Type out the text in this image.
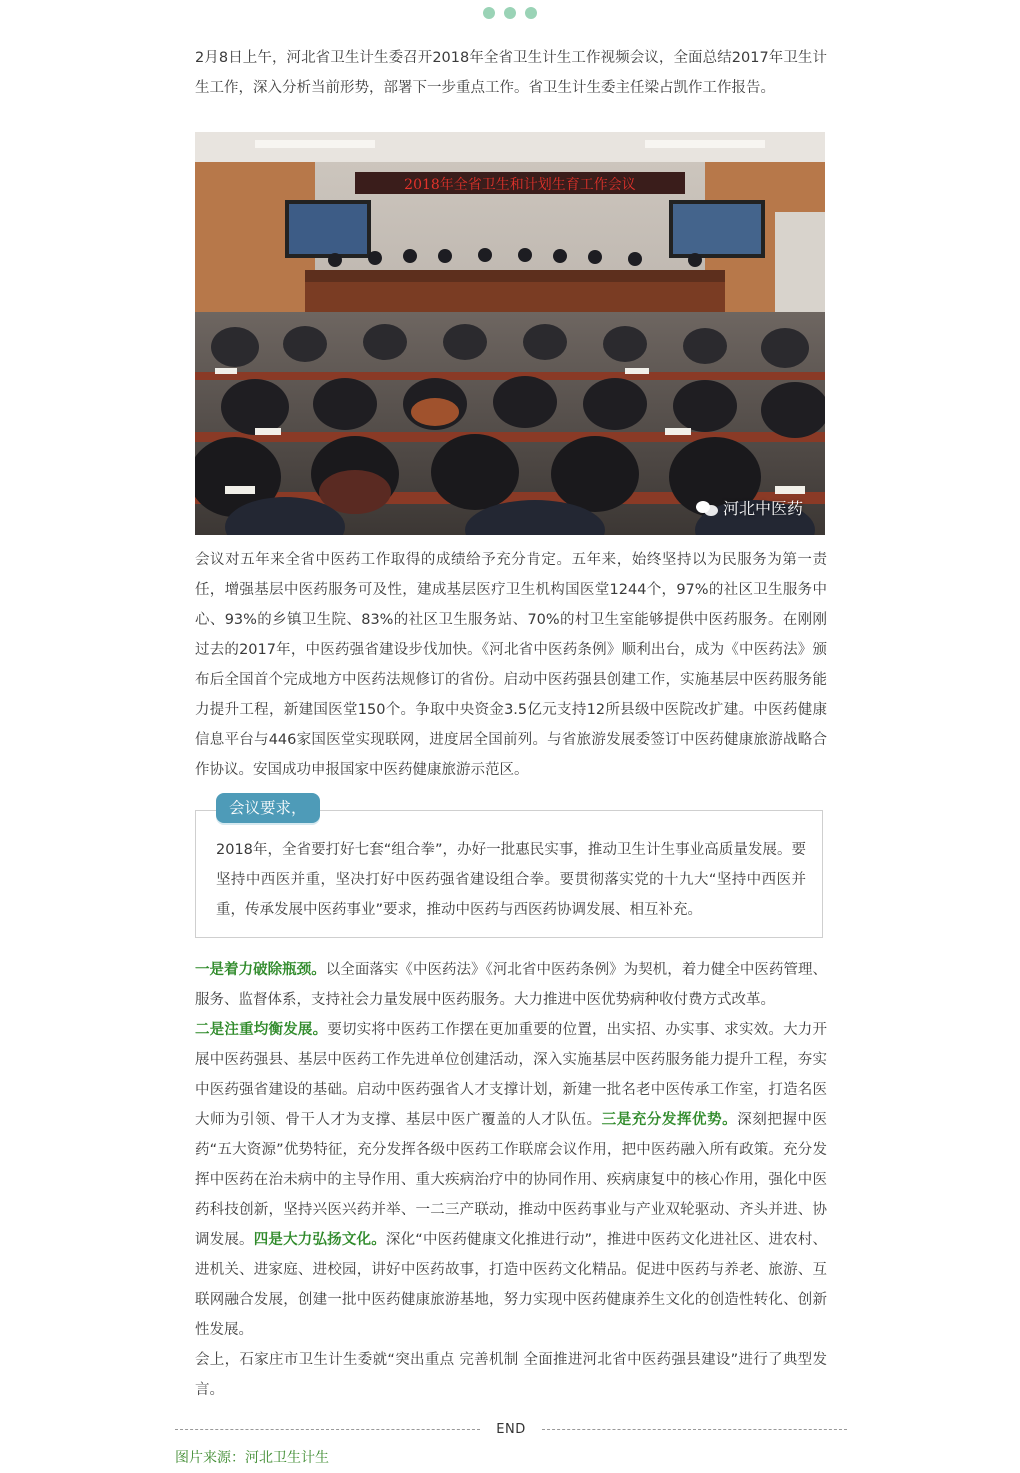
2月8日上午，河北省卫生计生委召开2018年全省卫生计生工作视频会议，全面总结2017年卫生计生工作，深入分析当前形势，部署下一步重点工作。省卫生计生委主任梁占凯作工作报告。

2018年全省卫生和计划生育工作会议
河北中医药

会议对五年来全省中医药工作取得的成绩给予充分肯定。五年来，始终坚持以为民服务为第一责任，增强基层中医药服务可及性，建成基层医疗卫生机构国医堂1244个，97%的社区卫生服务中心、93%的乡镇卫生院、83%的社区卫生服务站、70%的村卫生室能够提供中医药服务。在刚刚过去的2017年，中医药强省建设步伐加快。《河北省中医药条例》顺利出台，成为《中医药法》颁布后全国首个完成地方中医药法规修订的省份。启动中医药强县创建工作，实施基层中医药服务能力提升工程，新建国医堂150个。争取中央资金3.5亿元支持12所县级中医院改扩建。中医药健康信息平台与446家国医堂实现联网，进度居全国前列。与省旅游发展委签订中医药健康旅游战略合作协议。安国成功申报国家中医药健康旅游示范区。

会议要求，

2018年，全省要打好七套“组合拳”，办好一批惠民实事，推动卫生计生事业高质量发展。要坚持中西医并重，坚决打好中医药强省建设组合拳。要贯彻落实党的十九大“坚持中西医并重，传承发展中医药事业”要求，推动中医药与西医药协调发展、相互补充。

一是着力破除瓶颈。以全面落实《中医药法》《河北省中医药条例》为契机，着力健全中医药管理、服务、监督体系，支持社会力量发展中医药服务。大力推进中医优势病种收付费方式改革。
二是注重均衡发展。要切实将中医药工作摆在更加重要的位置，出实招、办实事、求实效。大力开展中医药强县、基层中医药工作先进单位创建活动，深入实施基层中医药服务能力提升工程，夯实中医药强省建设的基础。启动中医药强省人才支撑计划，新建一批名老中医传承工作室，打造名医大师为引领、骨干人才为支撑、基层中医广覆盖的人才队伍。三是充分发挥优势。深刻把握中医药“五大资源”优势特征，充分发挥各级中医药工作联席会议作用，把中医药融入所有政策。充分发挥中医药在治未病中的主导作用、重大疾病治疗中的协同作用、疾病康复中的核心作用，强化中医药科技创新，坚持兴医兴药并举、一二三产联动，推动中医药事业与产业双轮驱动、齐头并进、协调发展。四是大力弘扬文化。深化“中医药健康文化推进行动”，推进中医药文化进社区、进农村、进机关、进家庭、进校园，讲好中医药故事，打造中医药文化精品。促进中医药与养老、旅游、互联网融合发展，创建一批中医药健康旅游基地，努力实现中医药健康养生文化的创造性转化、创新性发展。
会上，石家庄市卫生计生委就“突出重点 完善机制 全面推进河北省中医药强县建设”进行了典型发言。

END
图片来源：河北卫生计生
